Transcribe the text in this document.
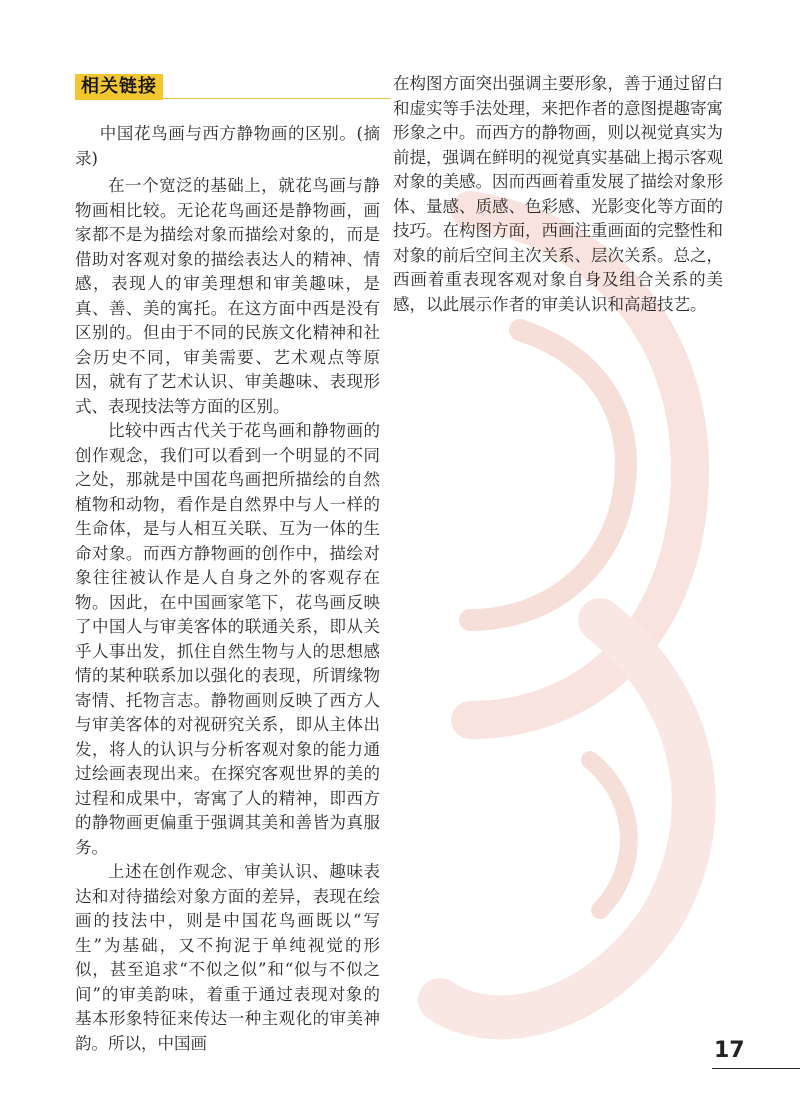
相关链接

中国花鸟画与西方静物画的区别。(摘录)

在一个宽泛的基础上，就花鸟画与静物画相比较。无论花鸟画还是静物画，画家都不是为描绘对象而描绘对象的，而是借助对客观对象的描绘表达人的精神、情感，表现人的审美理想和审美趣味，是真、善、美的寓托。在这方面中西是没有区别的。但由于不同的民族文化精神和社会历史不同，审美需要、艺术观点等原因，就有了艺术认识、审美趣味、表现形式、表现技法等方面的区别。

比较中西古代关于花鸟画和静物画的创作观念，我们可以看到一个明显的不同之处，那就是中国花鸟画把所描绘的自然植物和动物，看作是自然界中与人一样的生命体，是与人相互关联、互为一体的生命对象。而西方静物画的创作中，描绘对象往往被认作是人自身之外的客观存在物。因此，在中国画家笔下，花鸟画反映了中国人与审美客体的联通关系，即从关乎人事出发，抓住自然生物与人的思想感情的某种联系加以强化的表现，所谓缘物寄情、托物言志。静物画则反映了西方人与审美客体的对视研究关系，即从主体出发，将人的认识与分析客观对象的能力通过绘画表现出来。在探究客观世界的美的过程和成果中，寄寓了人的精神，即西方的静物画更偏重于强调其美和善皆为真服务。

上述在创作观念、审美认识、趣味表达和对待描绘对象方面的差异，表现在绘画的技法中，则是中国花鸟画既以“写生”为基础，又不拘泥于单纯视觉的形似，甚至追求“不似之似”和“似与不似之间”的审美韵味，着重于通过表现对象的基本形象特征来传达一种主观化的审美神韵。所以，中国画

在构图方面突出强调主要形象，善于通过留白和虚实等手法处理，来把作者的意图提趣寄寓形象之中。而西方的静物画，则以视觉真实为前提，强调在鲜明的视觉真实基础上揭示客观对象的美感。因而西画着重发展了描绘对象形体、量感、质感、色彩感、光影变化等方面的技巧。在构图方面，西画注重画面的完整性和对象的前后空间主次关系、层次关系。总之，西画着重表现客观对象自身及组合关系的美感，以此展示作者的审美认识和高超技艺。

17
